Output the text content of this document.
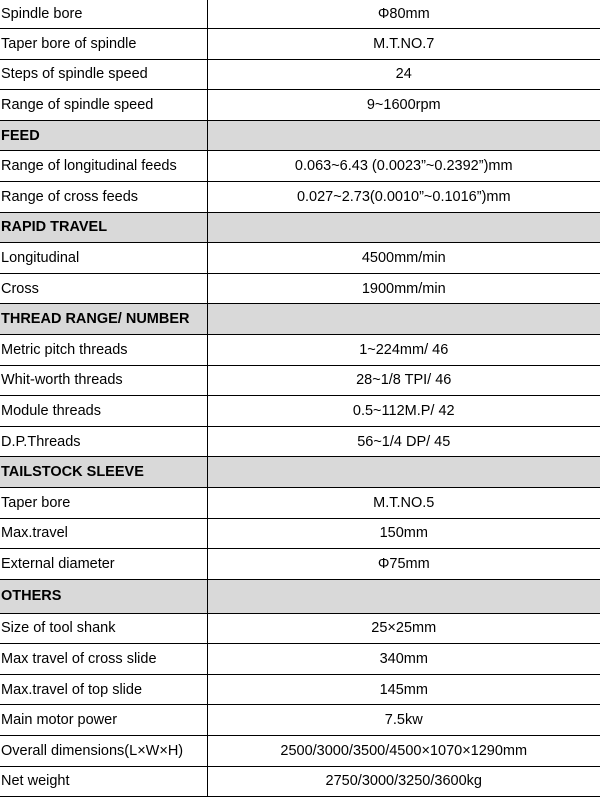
Spindle bore	Φ80mm
Taper bore of spindle	M.T.NO.7
Steps of spindle speed	24
Range of spindle speed	9~1600rpm
FEED	
Range of longitudinal feeds	0.063~6.43 (0.0023”~0.2392”)mm
Range of cross feeds	0.027~2.73(0.0010”~0.1016”)mm
RAPID TRAVEL	
Longitudinal	4500mm/min
Cross	1900mm/min
THREAD RANGE/ NUMBER	
Metric pitch threads	1~224mm/ 46
Whit-worth threads	28~1/8 TPI/ 46
Module threads	0.5~112M.P/ 42
D.P.Threads	56~1/4 DP/ 45
TAILSTOCK SLEEVE	
Taper bore	M.T.NO.5
Max.travel	150mm
External diameter	Φ75mm
OTHERS	
Size of tool shank	25×25mm
Max travel of cross slide	340mm
Max.travel of top slide	145mm
Main motor power	7.5kw
Overall dimensions(L×W×H)	2500/3000/3500/4500×1070×1290mm
Net weight	2750/3000/3250/3600kg
